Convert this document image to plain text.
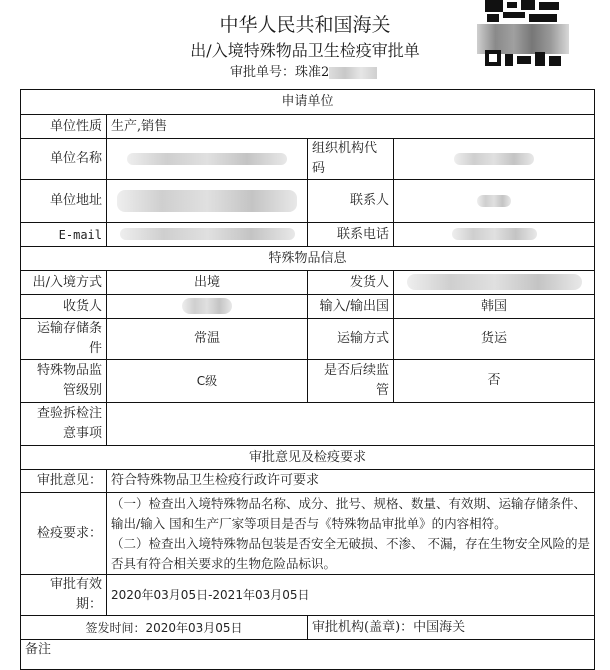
中华人民共和国海关
出/入境特殊物品卫生检疫审批单
审批单号：珠准2
申请单位			
单位性质	生产,销售		
单位名称		组织机构代码	
单位地址		联系人	
E-mail		联系电话	
特殊物品信息			
出/入境方式	出境	发货人	
收货人		输入/输出国	韩国
运输存储条件	常温	运输方式	货运
特殊物品监管级别	C级	是否后续监管	否
查验拆检注意事项			
审批意见及检疫要求			
审批意见：	符合特殊物品卫生检疫行政许可要求		
检疫要求：	（一）检查出入境特殊物品名称、成分、批号、规格、数量、有效期、运输存储条件、输出/输入 国和生产厂家等项目是否与《特殊物品审批单》的内容相符。
（二）检查出入境特殊物品包装是否安全无破损、不渗、 不漏，存在生物安全风险的是否具有符合相关要求的生物危险品标识。		

审批有效期：	2020年03月05日-2021年03月05日		
签发时间：2020年03月05日		审批机构(盖章)：中国海关	
备注			
